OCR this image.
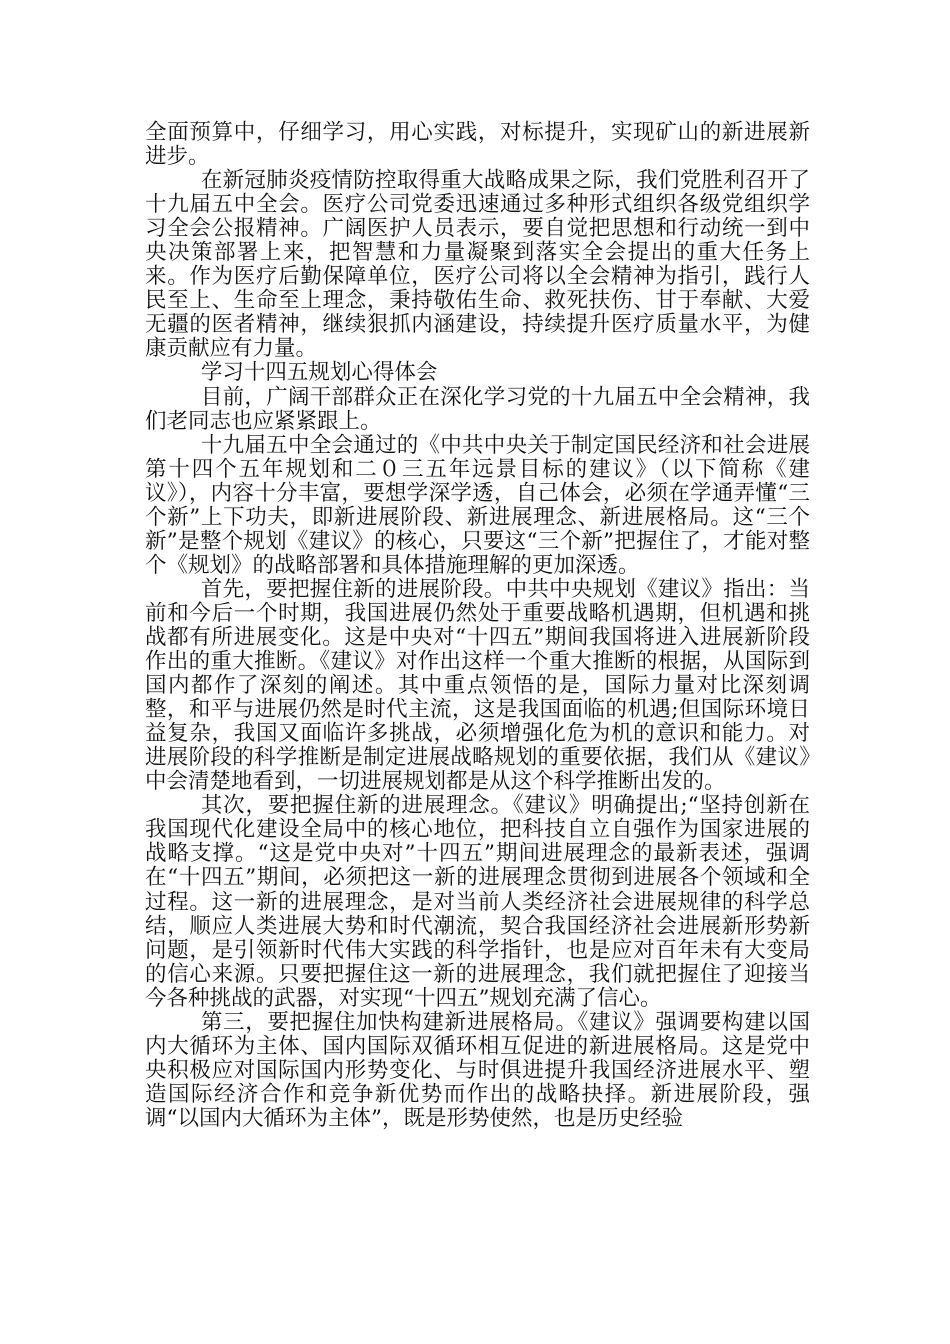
全面预算中，仔细学习，用心实践，对标提升，实现矿山的新进展新进步。

在新冠肺炎疫情防控取得重大战略成果之际，我们党胜利召开了十九届五中全会。医疗公司党委迅速通过多种形式组织各级党组织学习全会公报精神。广阔医护人员表示，要自觉把思想和行动统一到中央决策部署上来，把智慧和力量凝聚到落实全会提出的重大任务上来。作为医疗后勤保障单位，医疗公司将以全会精神为指引，践行人民至上、生命至上理念，秉持敬佑生命、救死扶伤、甘于奉献、大爱无疆的医者精神，继续狠抓内涵建设，持续提升医疗质量水平，为健康贡献应有力量。

学习十四五规划心得体会

目前，广阔干部群众正在深化学习党的十九届五中全会精神，我们老同志也应紧紧跟上。

十九届五中全会通过的《中共中央关于制定国民经济和社会进展第十四个五年规划和二０三五年远景目标的建议》（以下简称《建议》），内容十分丰富，要想学深学透，自己体会，必须在学通弄懂“三个新”上下功夫，即新进展阶段、新进展理念、新进展格局。这“三个新”是整个规划《建议》的核心，只要这“三个新”把握住了，才能对整个《规划》的战略部署和具体措施理解的更加深透。

首先，要把握住新的进展阶段。中共中央规划《建议》指出：当前和今后一个时期，我国进展仍然处于重要战略机遇期，但机遇和挑战都有所进展变化。这是中央对“十四五”期间我国将进入进展新阶段作出的重大推断。《建议》对作出这样一个重大推断的根据，从国际到国内都作了深刻的阐述。其中重点领悟的是，国际力量对比深刻调整，和平与进展仍然是时代主流，这是我国面临的机遇;但国际环境日益复杂，我国又面临许多挑战，必须增强化危为机的意识和能力。对进展阶段的科学推断是制定进展战略规划的重要依据，我们从《建议》中会清楚地看到，一切进展规划都是从这个科学推断出发的。

其次，要把握住新的进展理念。《建议》明确提出;“坚持创新在我国现代化建设全局中的核心地位，把科技自立自强作为国家进展的战略支撑。“这是党中央对”十四五”期间进展理念的最新表述，强调在“十四五”期间，必须把这一新的进展理念贯彻到进展各个领域和全过程。这一新的进展理念，是对当前人类经济社会进展规律的科学总结，顺应人类进展大势和时代潮流，契合我国经济社会进展新形势新问题，是引领新时代伟大实践的科学指针，也是应对百年未有大变局的信心来源。只要把握住这一新的进展理念，我们就把握住了迎接当今各种挑战的武器，对实现“十四五”规划充满了信心。

第三，要把握住加快构建新进展格局。《建议》强调要构建以国内大循环为主体、国内国际双循环相互促进的新进展格局。这是党中央积极应对国际国内形势变化、与时俱进提升我国经济进展水平、塑造国际经济合作和竞争新优势而作出的战略抉择。新进展阶段，强调“以国内大循环为主体”，既是形势使然，也是历史经验
